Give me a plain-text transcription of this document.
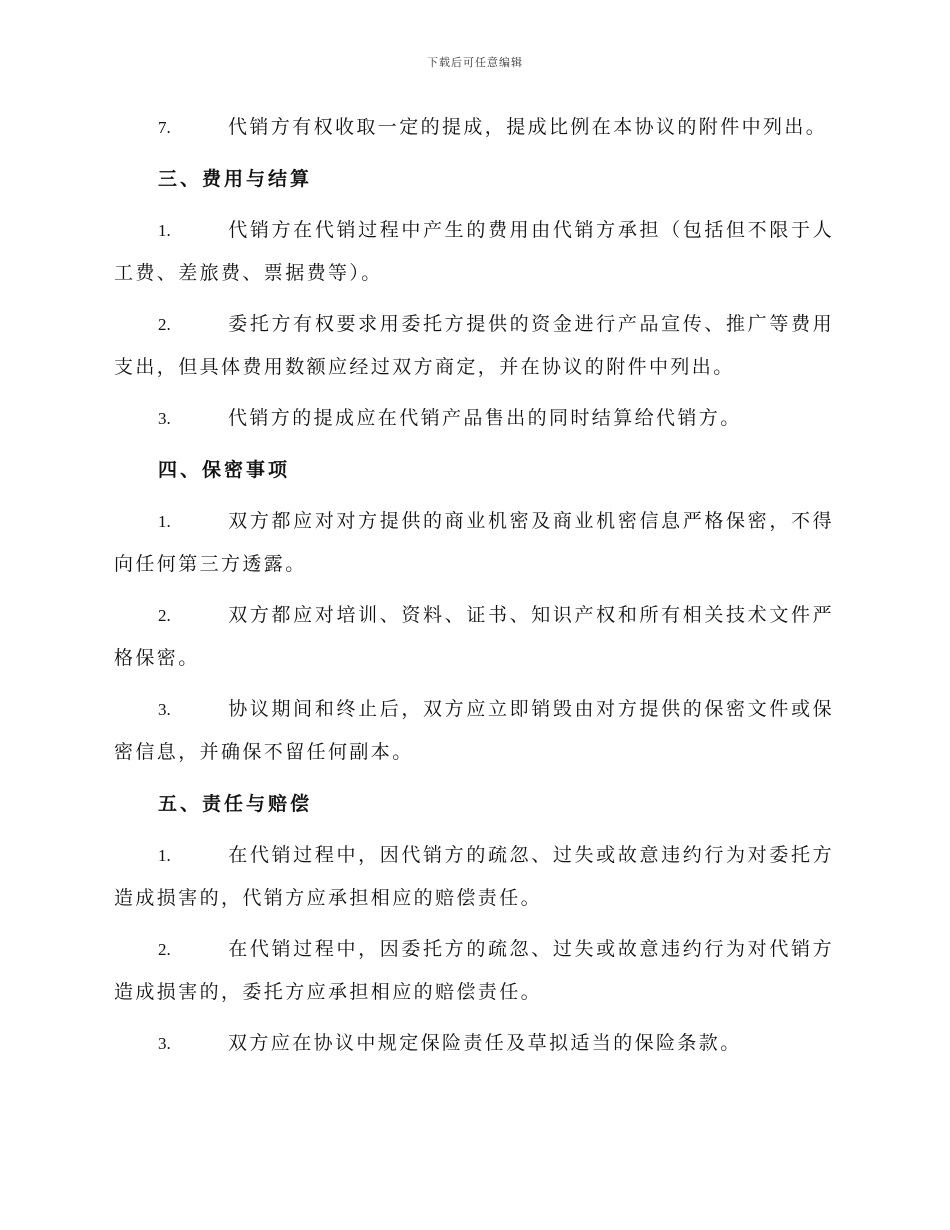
下载后可任意编辑
7.	代销方有权收取一定的提成，提成比例在本协议的附件中列出。
三、费用与结算
1.	代销方在代销过程中产生的费用由代销方承担（包括但不限于人工费、差旅费、票据费等）。
2.	委托方有权要求用委托方提供的资金进行产品宣传、推广等费用支出，但具体费用数额应经过双方商定，并在协议的附件中列出。
3.	代销方的提成应在代销产品售出的同时结算给代销方。
四、保密事项
1.	双方都应对对方提供的商业机密及商业机密信息严格保密，不得向任何第三方透露。
2.	双方都应对培训、资料、证书、知识产权和所有相关技术文件严格保密。
3.	协议期间和终止后，双方应立即销毁由对方提供的保密文件或保密信息，并确保不留任何副本。
五、责任与赔偿
1.	在代销过程中，因代销方的疏忽、过失或故意违约行为对委托方造成损害的，代销方应承担相应的赔偿责任。
2.	在代销过程中，因委托方的疏忽、过失或故意违约行为对代销方造成损害的，委托方应承担相应的赔偿责任。
3.	双方应在协议中规定保险责任及草拟适当的保险条款。
